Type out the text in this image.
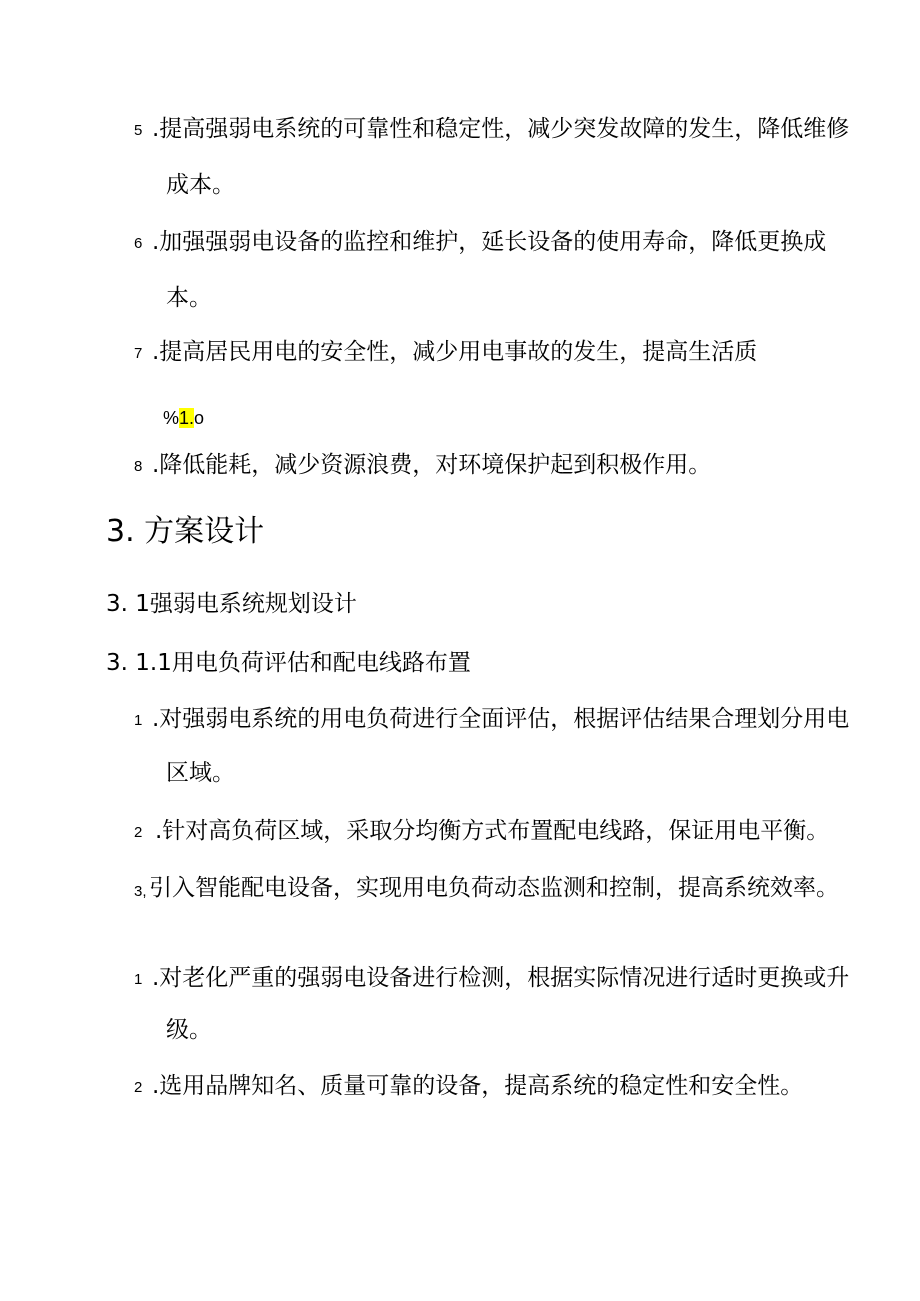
5 .提高强弱电系统的可靠性和稳定性，减少突发故障的发生，降低维修
成本。
6 .加强强弱电设备的监控和维护，延长设备的使用寿命，降低更换成
本。
7 .提高居民用电的安全性，减少用电事故的发生，提高生活质
%1.o
8 .降低能耗，减少资源浪费，对环境保护起到积极作用。
3. 方案设计
3. 1强弱电系统规划设计
3. 1.1用电负荷评估和配电线路布置
1 .对强弱电系统的用电负荷进行全面评估，根据评估结果合理划分用电
区域。
2 .针对高负荷区域，采取分均衡方式布置配电线路，保证用电平衡。
3, 引入智能配电设备，实现用电负荷动态监测和控制，提高系统效率。
1 .对老化严重的强弱电设备进行检测，根据实际情况进行适时更换或升
级。
2 .选用品牌知名、质量可靠的设备，提高系统的稳定性和安全性。
